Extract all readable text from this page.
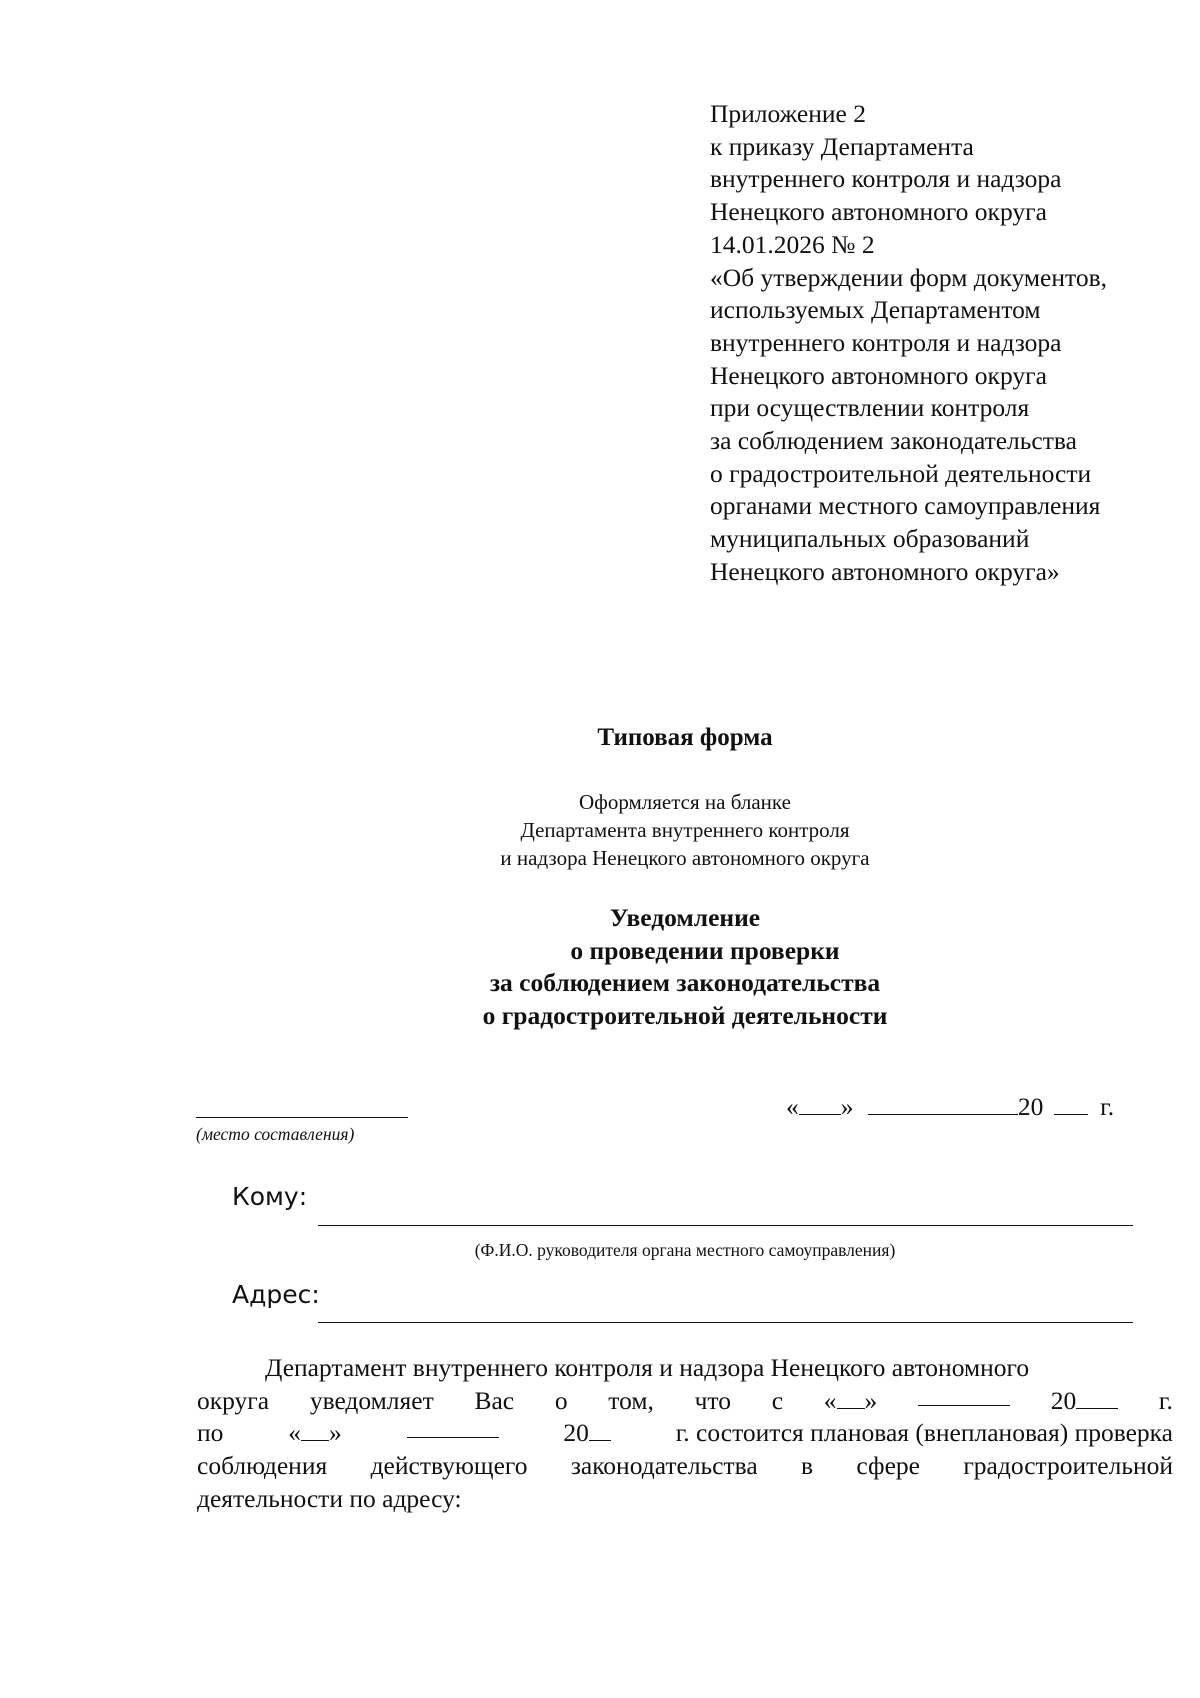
Приложение 2
к приказу Департамента
внутреннего контроля и надзора
Ненецкого автономного округа
14.01.2026 № 2
«Об утверждении форм документов,
используемых Департаментом
внутреннего контроля и надзора
Ненецкого автономного округа
при осуществлении контроля
за соблюдением законодательства
о градостроительной деятельности
органами местного самоуправления
муниципальных образований
Ненецкого автономного округа»
Типовая форма
Оформляется на бланке
Департамента внутреннего контроля
и надзора Ненецкого автономного округа
Уведомление
о проведении проверки
за соблюдением законодательства
о градостроительной деятельности
(место составления)
« »	20 г.
Кому:
(Ф.И.О. руководителя органа местного самоуправления)
Адрес:
Департамент внутреннего контроля и надзора Ненецкого автономного
округа уведомляет Вас о том, что с « »	20	г.
по	« »	20	г. состоится плановая (внеплановая) проверка
соблюдения действующего законодательства в сфере градостроительной
деятельности по адресу:
